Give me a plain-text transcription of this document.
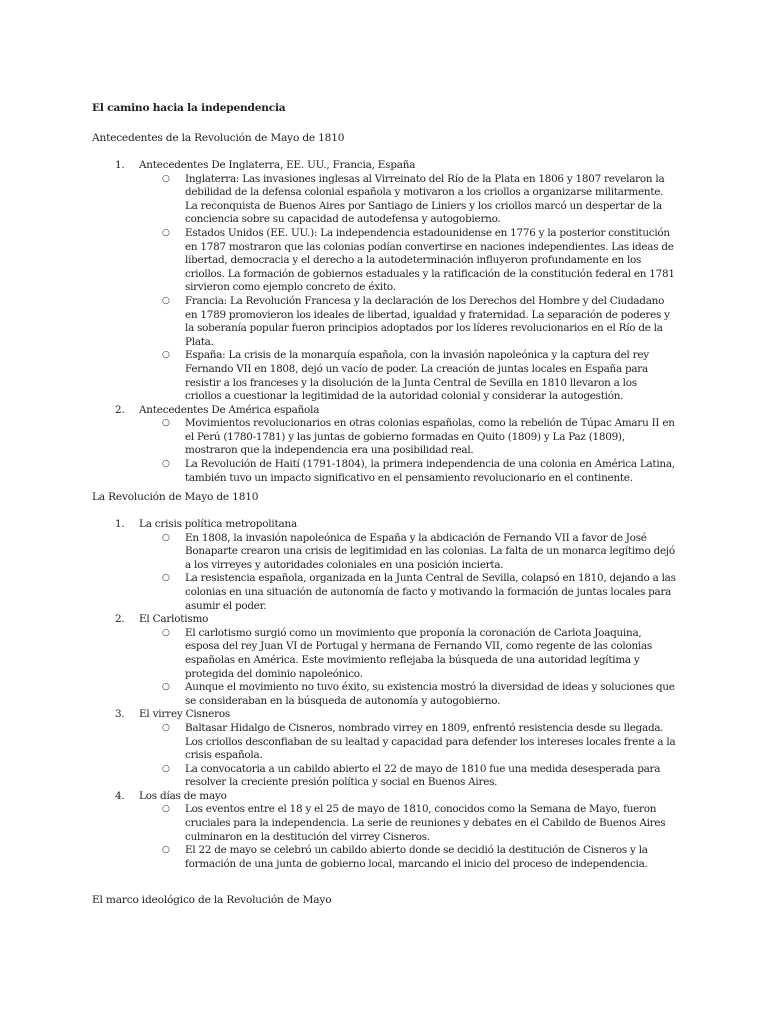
El camino hacia la independencia
Antecedentes de la Revolución de Mayo de 1810
1. Antecedentes De Inglaterra, EE. UU., Francia, España
○ Inglaterra: Las invasiones inglesas al Virreinato del Río de la Plata en 1806 y 1807 revelaron la debilidad de la defensa colonial española y motivaron a los criollos a organizarse militarmente. La reconquista de Buenos Aires por Santiago de Liniers y los criollos marcó un despertar de la conciencia sobre su capacidad de autodefensa y autogobierno.
○ Estados Unidos (EE. UU.): La independencia estadounidense en 1776 y la posterior constitución en 1787 mostraron que las colonias podían convertirse en naciones independientes. Las ideas de libertad, democracia y el derecho a la autodeterminación influyeron profundamente en los criollos. La formación de gobiernos estaduales y la ratificación de la constitución federal en 1781 sirvieron como ejemplo concreto de éxito.
○ Francia: La Revolución Francesa y la declaración de los Derechos del Hombre y del Ciudadano en 1789 promovieron los ideales de libertad, igualdad y fraternidad. La separación de poderes y la soberanía popular fueron principios adoptados por los líderes revolucionarios en el Río de la Plata.
○ España: La crisis de la monarquía española, con la invasión napoleónica y la captura del rey Fernando VII en 1808, dejó un vacío de poder. La creación de juntas locales en España para resistir a los franceses y la disolución de la Junta Central de Sevilla en 1810 llevaron a los criollos a cuestionar la legitimidad de la autoridad colonial y considerar la autogestión.
2. Antecedentes De América española
○ Movimientos revolucionarios en otras colonias españolas, como la rebelión de Túpac Amaru II en el Perú (1780-1781) y las juntas de gobierno formadas en Quito (1809) y La Paz (1809), mostraron que la independencia era una posibilidad real.
○ La Revolución de Haití (1791-1804), la primera independencia de una colonia en América Latina, también tuvo un impacto significativo en el pensamiento revolucionario en el continente.
La Revolución de Mayo de 1810
1. La crisis política metropolitana
○ En 1808, la invasión napoleónica de España y la abdicación de Fernando VII a favor de José Bonaparte crearon una crisis de legitimidad en las colonias. La falta de un monarca legítimo dejó a los virreyes y autoridades coloniales en una posición incierta.
○ La resistencia española, organizada en la Junta Central de Sevilla, colapsó en 1810, dejando a las colonias en una situación de autonomía de facto y motivando la formación de juntas locales para asumir el poder.
2. El Carlotismo
○ El carlotismo surgió como un movimiento que proponía la coronación de Carlota Joaquina, esposa del rey Juan VI de Portugal y hermana de Fernando VII, como regente de las colonias españolas en América. Este movimiento reflejaba la búsqueda de una autoridad legítima y protegida del dominio napoleónico.
○ Aunque el movimiento no tuvo éxito, su existencia mostró la diversidad de ideas y soluciones que se consideraban en la búsqueda de autonomía y autogobierno.
3. El virrey Cisneros
○ Baltasar Hidalgo de Cisneros, nombrado virrey en 1809, enfrentó resistencia desde su llegada. Los criollos desconfiaban de su lealtad y capacidad para defender los intereses locales frente a la crisis española.
○ La convocatoria a un cabildo abierto el 22 de mayo de 1810 fue una medida desesperada para resolver la creciente presión política y social en Buenos Aires.
4. Los días de mayo
○ Los eventos entre el 18 y el 25 de mayo de 1810, conocidos como la Semana de Mayo, fueron cruciales para la independencia. La serie de reuniones y debates en el Cabildo de Buenos Aires culminaron en la destitución del virrey Cisneros.
○ El 22 de mayo se celebró un cabildo abierto donde se decidió la destitución de Cisneros y la formación de una junta de gobierno local, marcando el inicio del proceso de independencia.
El marco ideológico de la Revolución de Mayo
